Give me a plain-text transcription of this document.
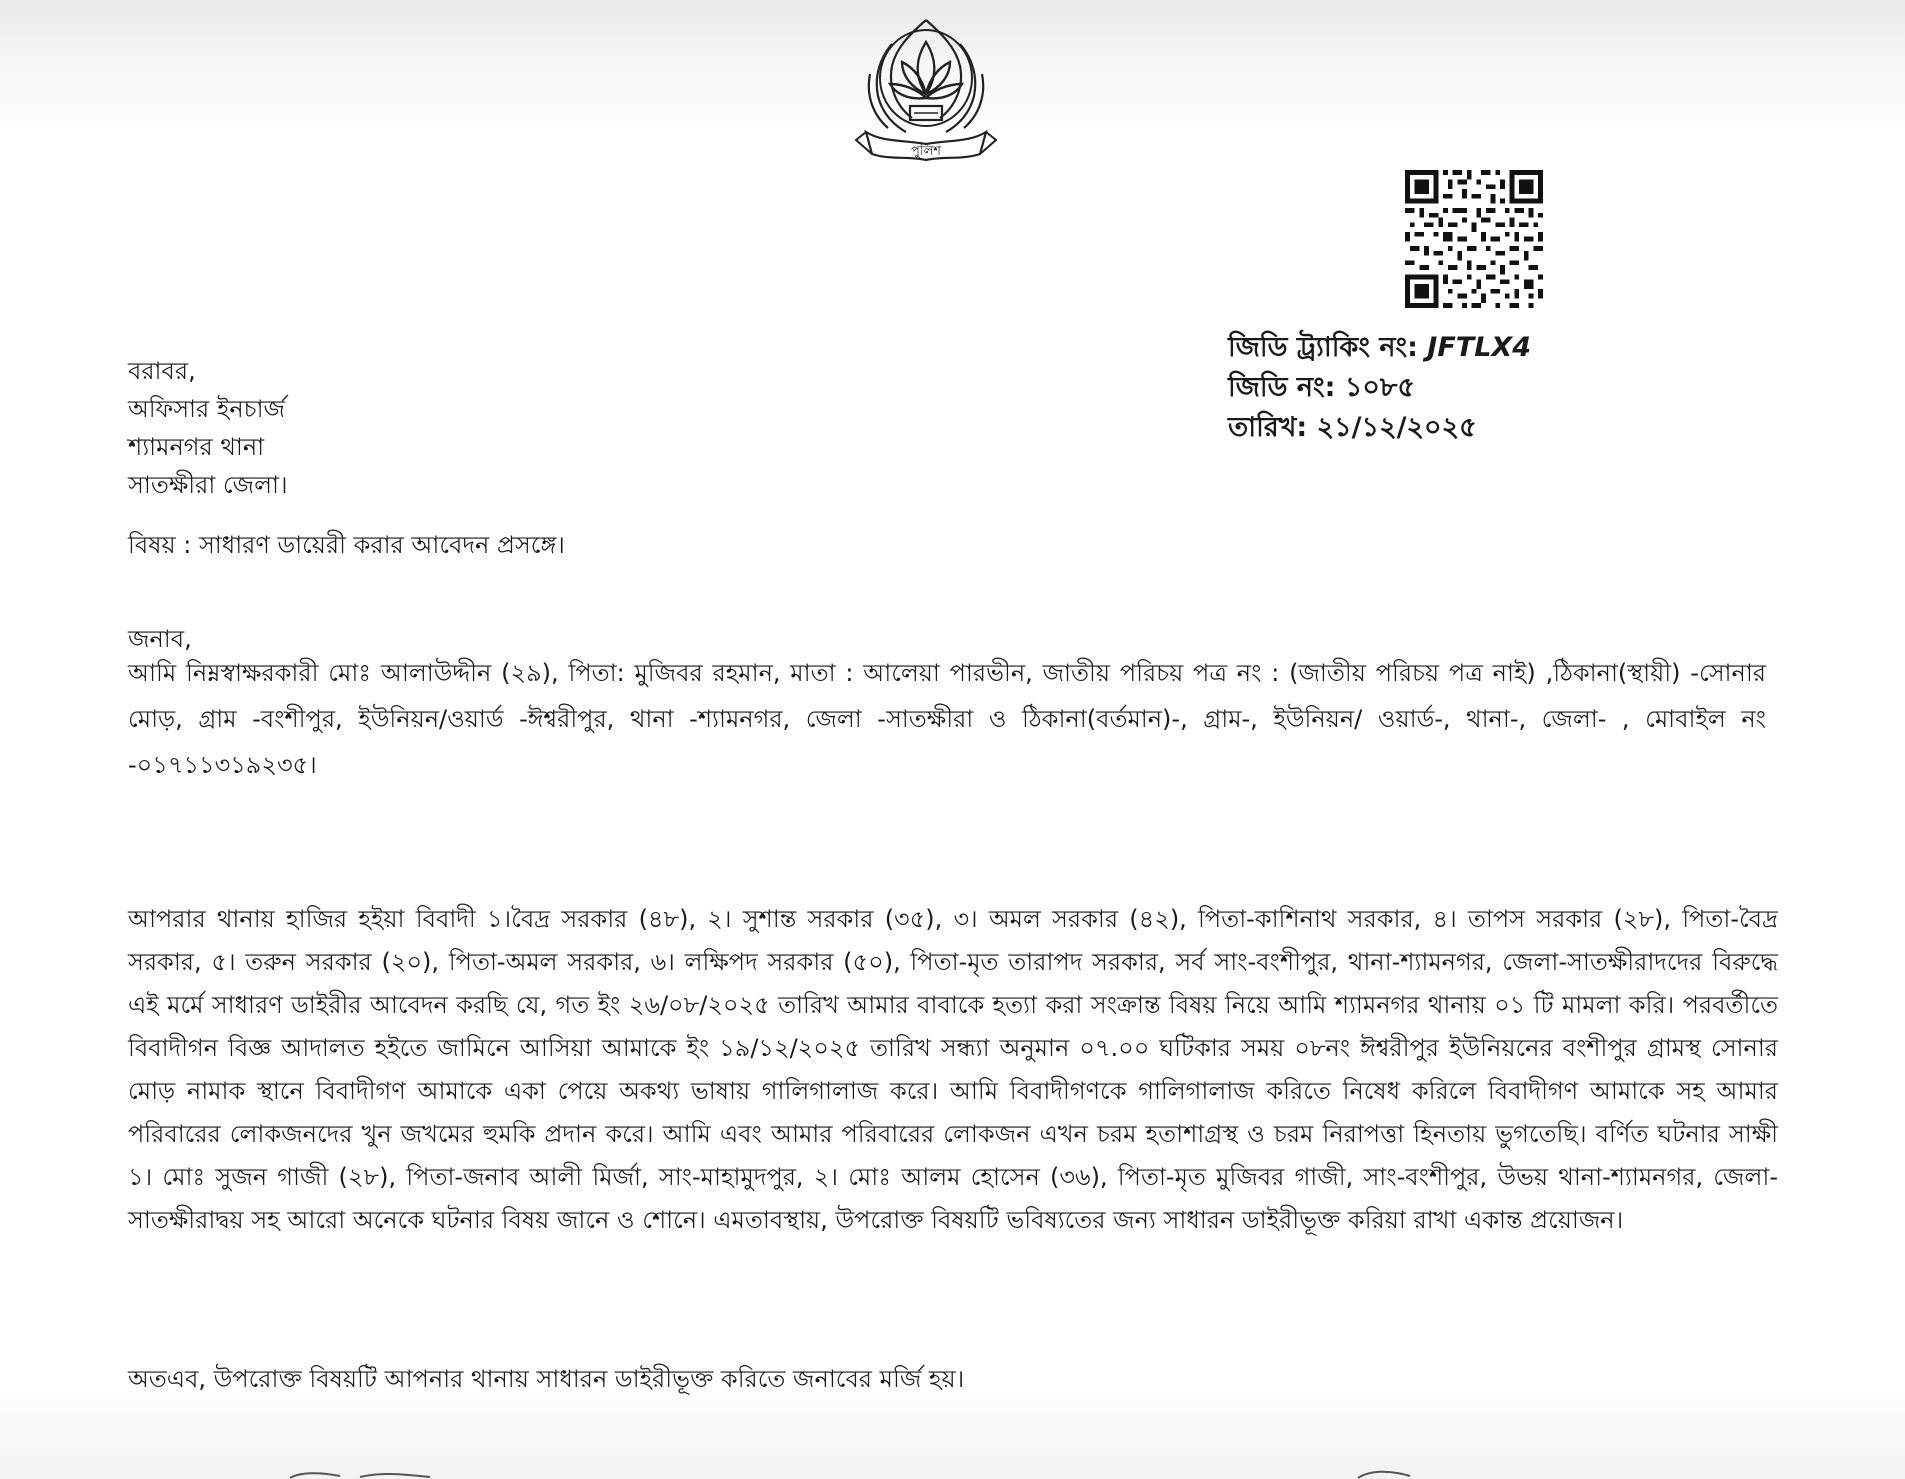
পুলিশ
জিডি ট্র্যাকিং নং: JFTLX4
জিডি নং: ১০৮৫
তারিখ: ২১/১২/২০২৫
বরাবর,
অফিসার ইনচার্জ
শ্যামনগর থানা
সাতক্ষীরা জেলা।
বিষয় : সাধারণ ডায়েরী করার আবেদন প্রসঙ্গে।
জনাব,
আমি নিম্নস্বাক্ষরকারী মোঃ আলাউদ্দীন (২৯), পিতা: মুজিবর রহমান, মাতা : আলেয়া পারভীন, জাতীয় পরিচয় পত্র নং : (জাতীয় পরিচয় পত্র নাই) ,ঠিকানা(স্থায়ী) -সোনার মোড়, গ্রাম -বংশীপুর, ইউনিয়ন/ওয়ার্ড -ঈশ্বরীপুর, থানা -শ্যামনগর, জেলা -সাতক্ষীরা ও ঠিকানা(বর্তমান)-, গ্রাম-, ইউনিয়ন/ ওয়ার্ড-, থানা-, জেলা- , মোবাইল নং -০১৭১১৩১৯২৩৫।
আপরার থানায় হাজির হইয়া বিবাদী ১।বৈদ্র সরকার (৪৮), ২। সুশান্ত সরকার (৩৫), ৩। অমল সরকার (৪২), পিতা-কাশিনাথ সরকার, ৪। তাপস সরকার (২৮), পিতা-বৈদ্র সরকার, ৫। তরুন সরকার (২০), পিতা-অমল সরকার, ৬। লক্ষিপদ সরকার (৫০), পিতা-মৃত তারাপদ সরকার, সর্ব সাং-বংশীপুর, থানা-শ্যামনগর, জেলা-সাতক্ষীরাদদের বিরুদ্ধে এই মর্মে সাধারণ ডাইরীর আবেদন করছি যে, গত ইং ২৬/০৮/২০২৫ তারিখ আমার বাবাকে হত্যা করা সংক্রান্ত বিষয় নিয়ে আমি শ্যামনগর থানায় ০১ টি মামলা করি। পরবর্তীতে বিবাদীগন বিজ্ঞ আদালত হইতে জামিনে আসিয়া আমাকে ইং ১৯/১২/২০২৫ তারিখ সন্ধ্যা অনুমান ০৭.০০ ঘটিকার সময় ০৮নং ঈশ্বরীপুর ইউনিয়নের বংশীপুর গ্রামস্থ সোনার মোড় নামাক স্থানে বিবাদীগণ আমাকে একা পেয়ে অকথ্য ভাষায় গালিগালাজ করে। আমি বিবাদীগণকে গালিগালাজ করিতে নিষেধ করিলে বিবাদীগণ আমাকে সহ আমার পরিবারের লোকজনদের খুন জখমের হুমকি প্রদান করে। আমি এবং আমার পরিবারের লোকজন এখন চরম হতাশাগ্রস্থ ও চরম নিরাপত্তা হিনতায় ভুগতেছি। বর্ণিত ঘটনার সাক্ষী ১। মোঃ সুজন গাজী (২৮), পিতা-জনাব আলী মির্জা, সাং-মাহামুদপুর, ২। মোঃ আলম হোসেন (৩৬), পিতা-মৃত মুজিবর গাজী, সাং-বংশীপুর, উভয় থানা-শ্যামনগর, জেলা-সাতক্ষীরাদ্বয় সহ আরো অনেকে ঘটনার বিষয় জানে ও শোনে। এমতাবস্থায়, উপরোক্ত বিষয়টি ভবিষ্যতের জন্য সাধারন ডাইরীভূক্ত করিয়া রাখা একান্ত প্রয়োজন।
অতএব, উপরোক্ত বিষয়টি আপনার থানায় সাধারন ডাইরীভূক্ত করিতে জনাবের মর্জি হয়।
